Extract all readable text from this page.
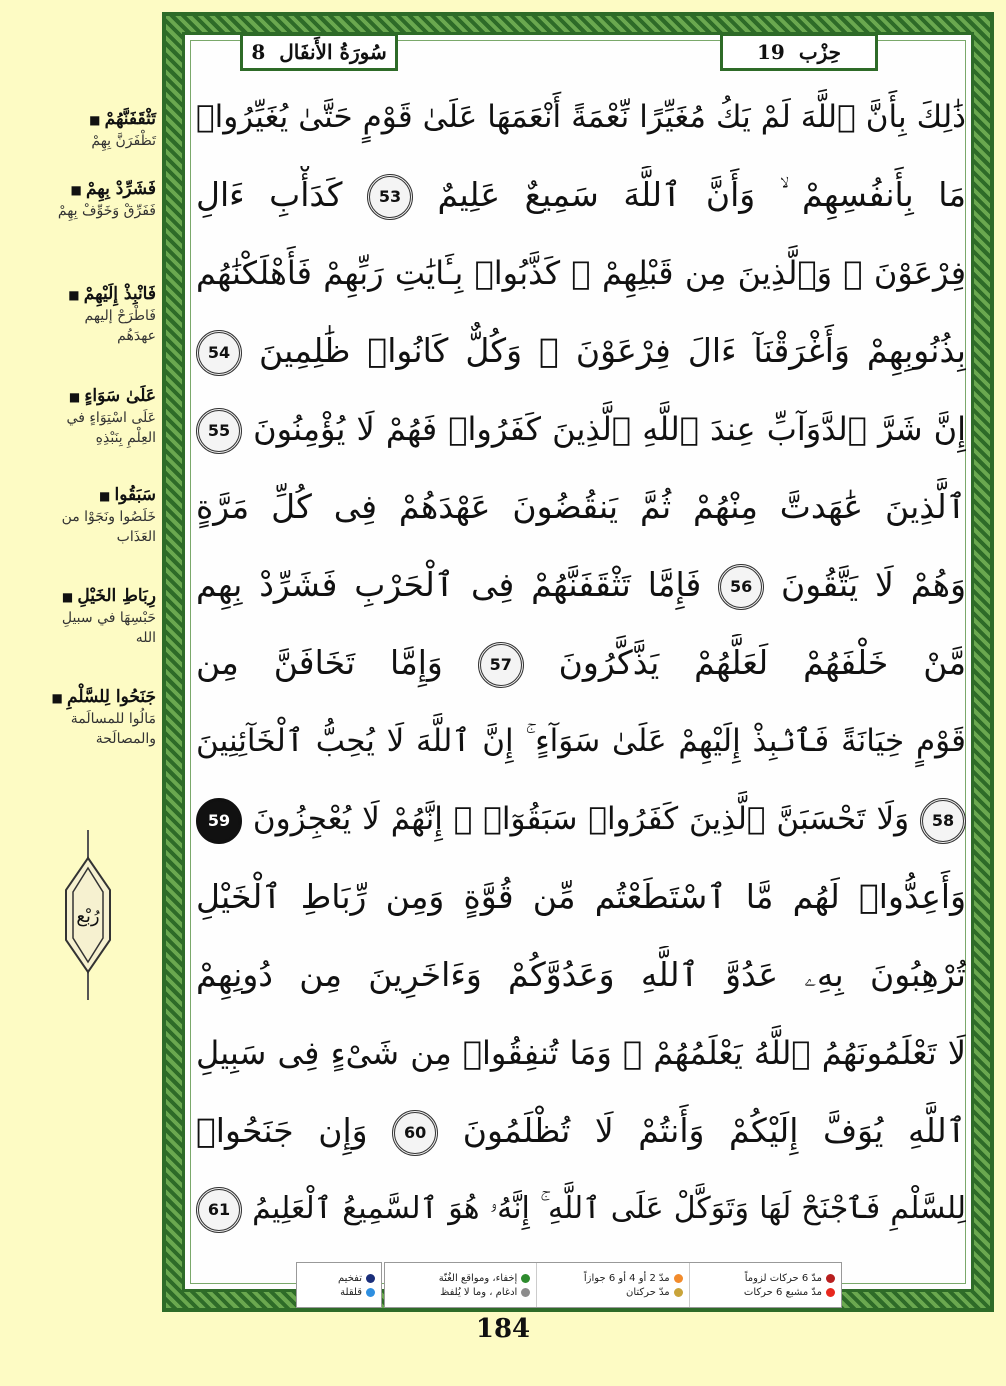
تَثْقَفَنَّهُمْ ■
تَظْفَرَنَّ بِهِمْ
فَشَرِّدْ بِهِمْ ■
فَفَرِّقْ وَخَوِّفْ بِهِمْ
فَانْبِذْ إِلَيْهِمْ ■
فَاطْرَحْ إليهم عهدَهُم
عَلَىٰ سَوَاءٍ ■
عَلَى اسْتِوَاءٍ في العِلْمِ بِنَبْذِهِ
سَبَقُوا ■
خَلَصُوا ونَجَوْا من العَذَاب
رِبَاطِ الخَيْلِ ■
حَبْسِهَا في سبيلِ الله
جَنَحُوا لِلسَّلْمِ ■
مَالُوا للمسالَمة والمصالَحة
رُبْع
سُورَةُ الأَنفَال
8	حِزْب
19
ذَٰلِكَ بِأَنَّ ٱللَّهَ لَمْ يَكُ مُغَيِّرًا نِّعْمَةً أَنْعَمَهَا عَلَىٰ قَوْمٍ حَتَّىٰ يُغَيِّرُوا۟
مَا بِأَنفُسِهِمْ ۙ وَأَنَّ ٱللَّهَ سَمِيعٌ عَلِيمٌ 53 كَدَأْبِ ءَالِ
فِرْعَوْنَ ۙ وَٱلَّذِينَ مِن قَبْلِهِمْ ۚ كَذَّبُوا۟ بِـَٔايَٰتِ رَبِّهِمْ فَأَهْلَكْنَٰهُم
بِذُنُوبِهِمْ وَأَغْرَقْنَآ ءَالَ فِرْعَوْنَ ۚ وَكُلٌّ كَانُوا۟ ظَٰلِمِينَ 54
إِنَّ شَرَّ ٱلدَّوَآبِّ عِندَ ٱللَّهِ ٱلَّذِينَ كَفَرُوا۟ فَهُمْ لَا يُؤْمِنُونَ 55
ٱلَّذِينَ عَٰهَدتَّ مِنْهُمْ ثُمَّ يَنقُضُونَ عَهْدَهُمْ فِى كُلِّ مَرَّةٍ
وَهُمْ لَا يَتَّقُونَ 56 فَإِمَّا تَثْقَفَنَّهُمْ فِى ٱلْحَرْبِ فَشَرِّدْ بِهِم
مَّنْ خَلْفَهُمْ لَعَلَّهُمْ يَذَّكَّرُونَ 57 وَإِمَّا تَخَافَنَّ مِن
قَوْمٍ خِيَانَةً فَٱنۢبِذْ إِلَيْهِمْ عَلَىٰ سَوَآءٍ ۚ إِنَّ ٱللَّهَ لَا يُحِبُّ ٱلْخَآئِنِينَ
58 وَلَا تَحْسَبَنَّ ٱلَّذِينَ كَفَرُوا۟ سَبَقُوٓا۟ ۚ إِنَّهُمْ لَا يُعْجِزُونَ 59
وَأَعِدُّوا۟ لَهُم مَّا ٱسْتَطَعْتُم مِّن قُوَّةٍ وَمِن رِّبَاطِ ٱلْخَيْلِ
تُرْهِبُونَ بِهِۦ عَدُوَّ ٱللَّهِ وَعَدُوَّكُمْ وَءَاخَرِينَ مِن دُونِهِمْ
لَا تَعْلَمُونَهُمُ ٱللَّهُ يَعْلَمُهُمْ ۚ وَمَا تُنفِقُوا۟ مِن شَىْءٍ فِى سَبِيلِ
ٱللَّهِ يُوَفَّ إِلَيْكُمْ وَأَنتُمْ لَا تُظْلَمُونَ 60 وَإِن جَنَحُوا۟
لِلسَّلْمِ فَٱجْنَحْ لَهَا وَتَوَكَّلْ عَلَى ٱللَّهِ ۚ إِنَّهُۥ هُوَ ٱلسَّمِيعُ ٱلْعَلِيمُ 61
مدّ 6 حركات لزوماً
مدّ مشبع 6 حركات
مدّ 2 أو 4 أو 6 جوازاً
مدّ حركتان
إخفاء، ومواقع الغُنّة
ادغام ، وما لا يُلفظ
تفخيم
قلقلة
184
